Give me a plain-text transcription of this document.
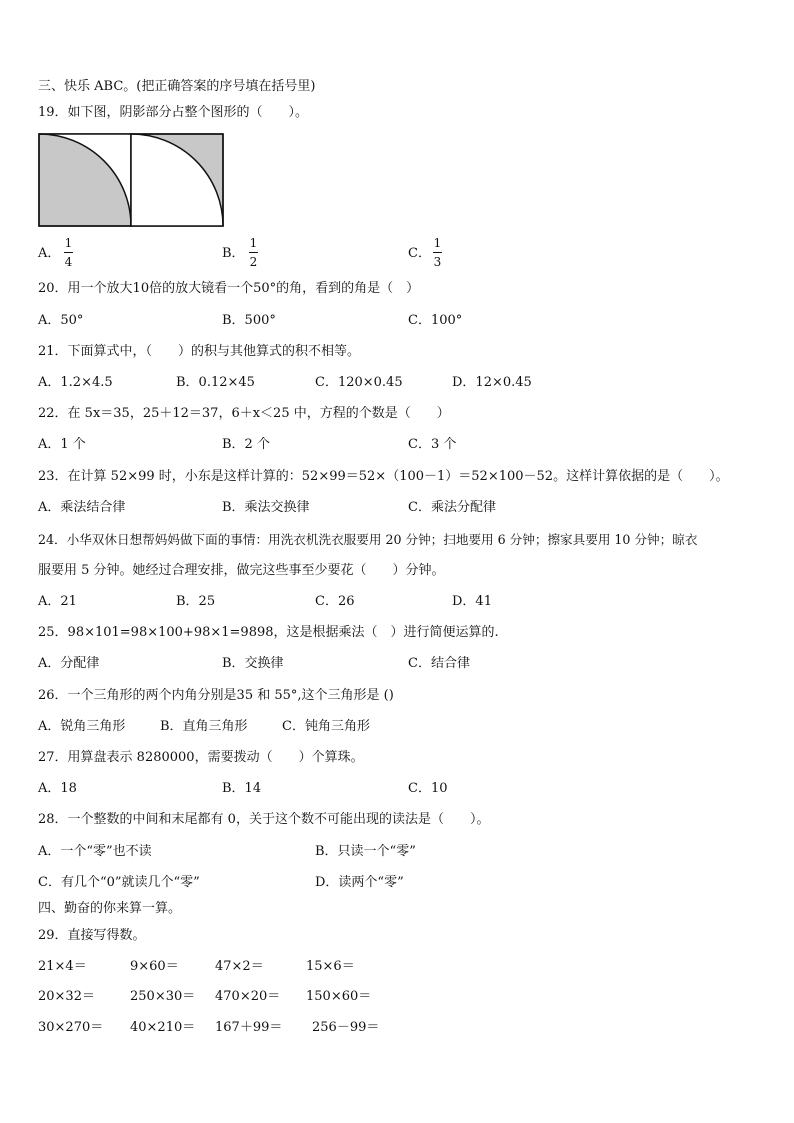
三、快乐 ABC。(把正确答案的序号填在括号里)
19．如下图，阴影部分占整个图形的（　　）。
A．
1
4
B．
1
2
C．
1
3
20．用一个放大10倍的放大镜看一个50°的角，看到的角是（　）
A．50°	B．500°	C．100°
21．下面算式中，（　　）的积与其他算式的积不相等。
A．1.2×4.5	B．0.12×45	C．120×0.45	D．12×0.45
22．在 5x＝35，25＋12＝37，6＋x＜25 中，方程的个数是（　　）
A．1 个	B．2 个	C．3 个
23．在计算 52×99 时，小东是这样计算的：52×99＝52×（100－1）＝52×100－52。这样计算依据的是（　　）。
A．乘法结合律	B．乘法交换律	C．乘法分配律
24．小华双休日想帮妈妈做下面的事情：用洗衣机洗衣服要用 20 分钟；扫地要用 6 分钟；擦家具要用 10 分钟；晾衣
服要用 5 分钟。她经过合理安排，做完这些事至少要花（　　）分钟。
A．21	B．25	C．26	D．41
25．98×101=98×100+98×1=9898，这是根据乘法（　）进行简便运算的.
A．分配律	B．交换律	C．结合律
26．一个三角形的两个内角分别是35 和 55°,这个三角形是 ()
A．锐角三角形	B．直角三角形	C．钝角三角形
27．用算盘表示 8280000，需要拨动（　　）个算珠。
A．18	B．14	C．10
28．一个整数的中间和末尾都有 0，关于这个数不可能出现的读法是（　　）。
A．一个“零”也不读	B．只读一个“零”
C．有几个“0”就读几个“零”	D．读两个“零”
四、勤奋的你来算一算。
29．直接写得数。
21×4＝	9×60＝	47×2＝	15×6＝
20×32＝	250×30＝ 470×20＝ 150×60＝
30×270＝ 40×210＝ 167＋99＝ 256－99＝
